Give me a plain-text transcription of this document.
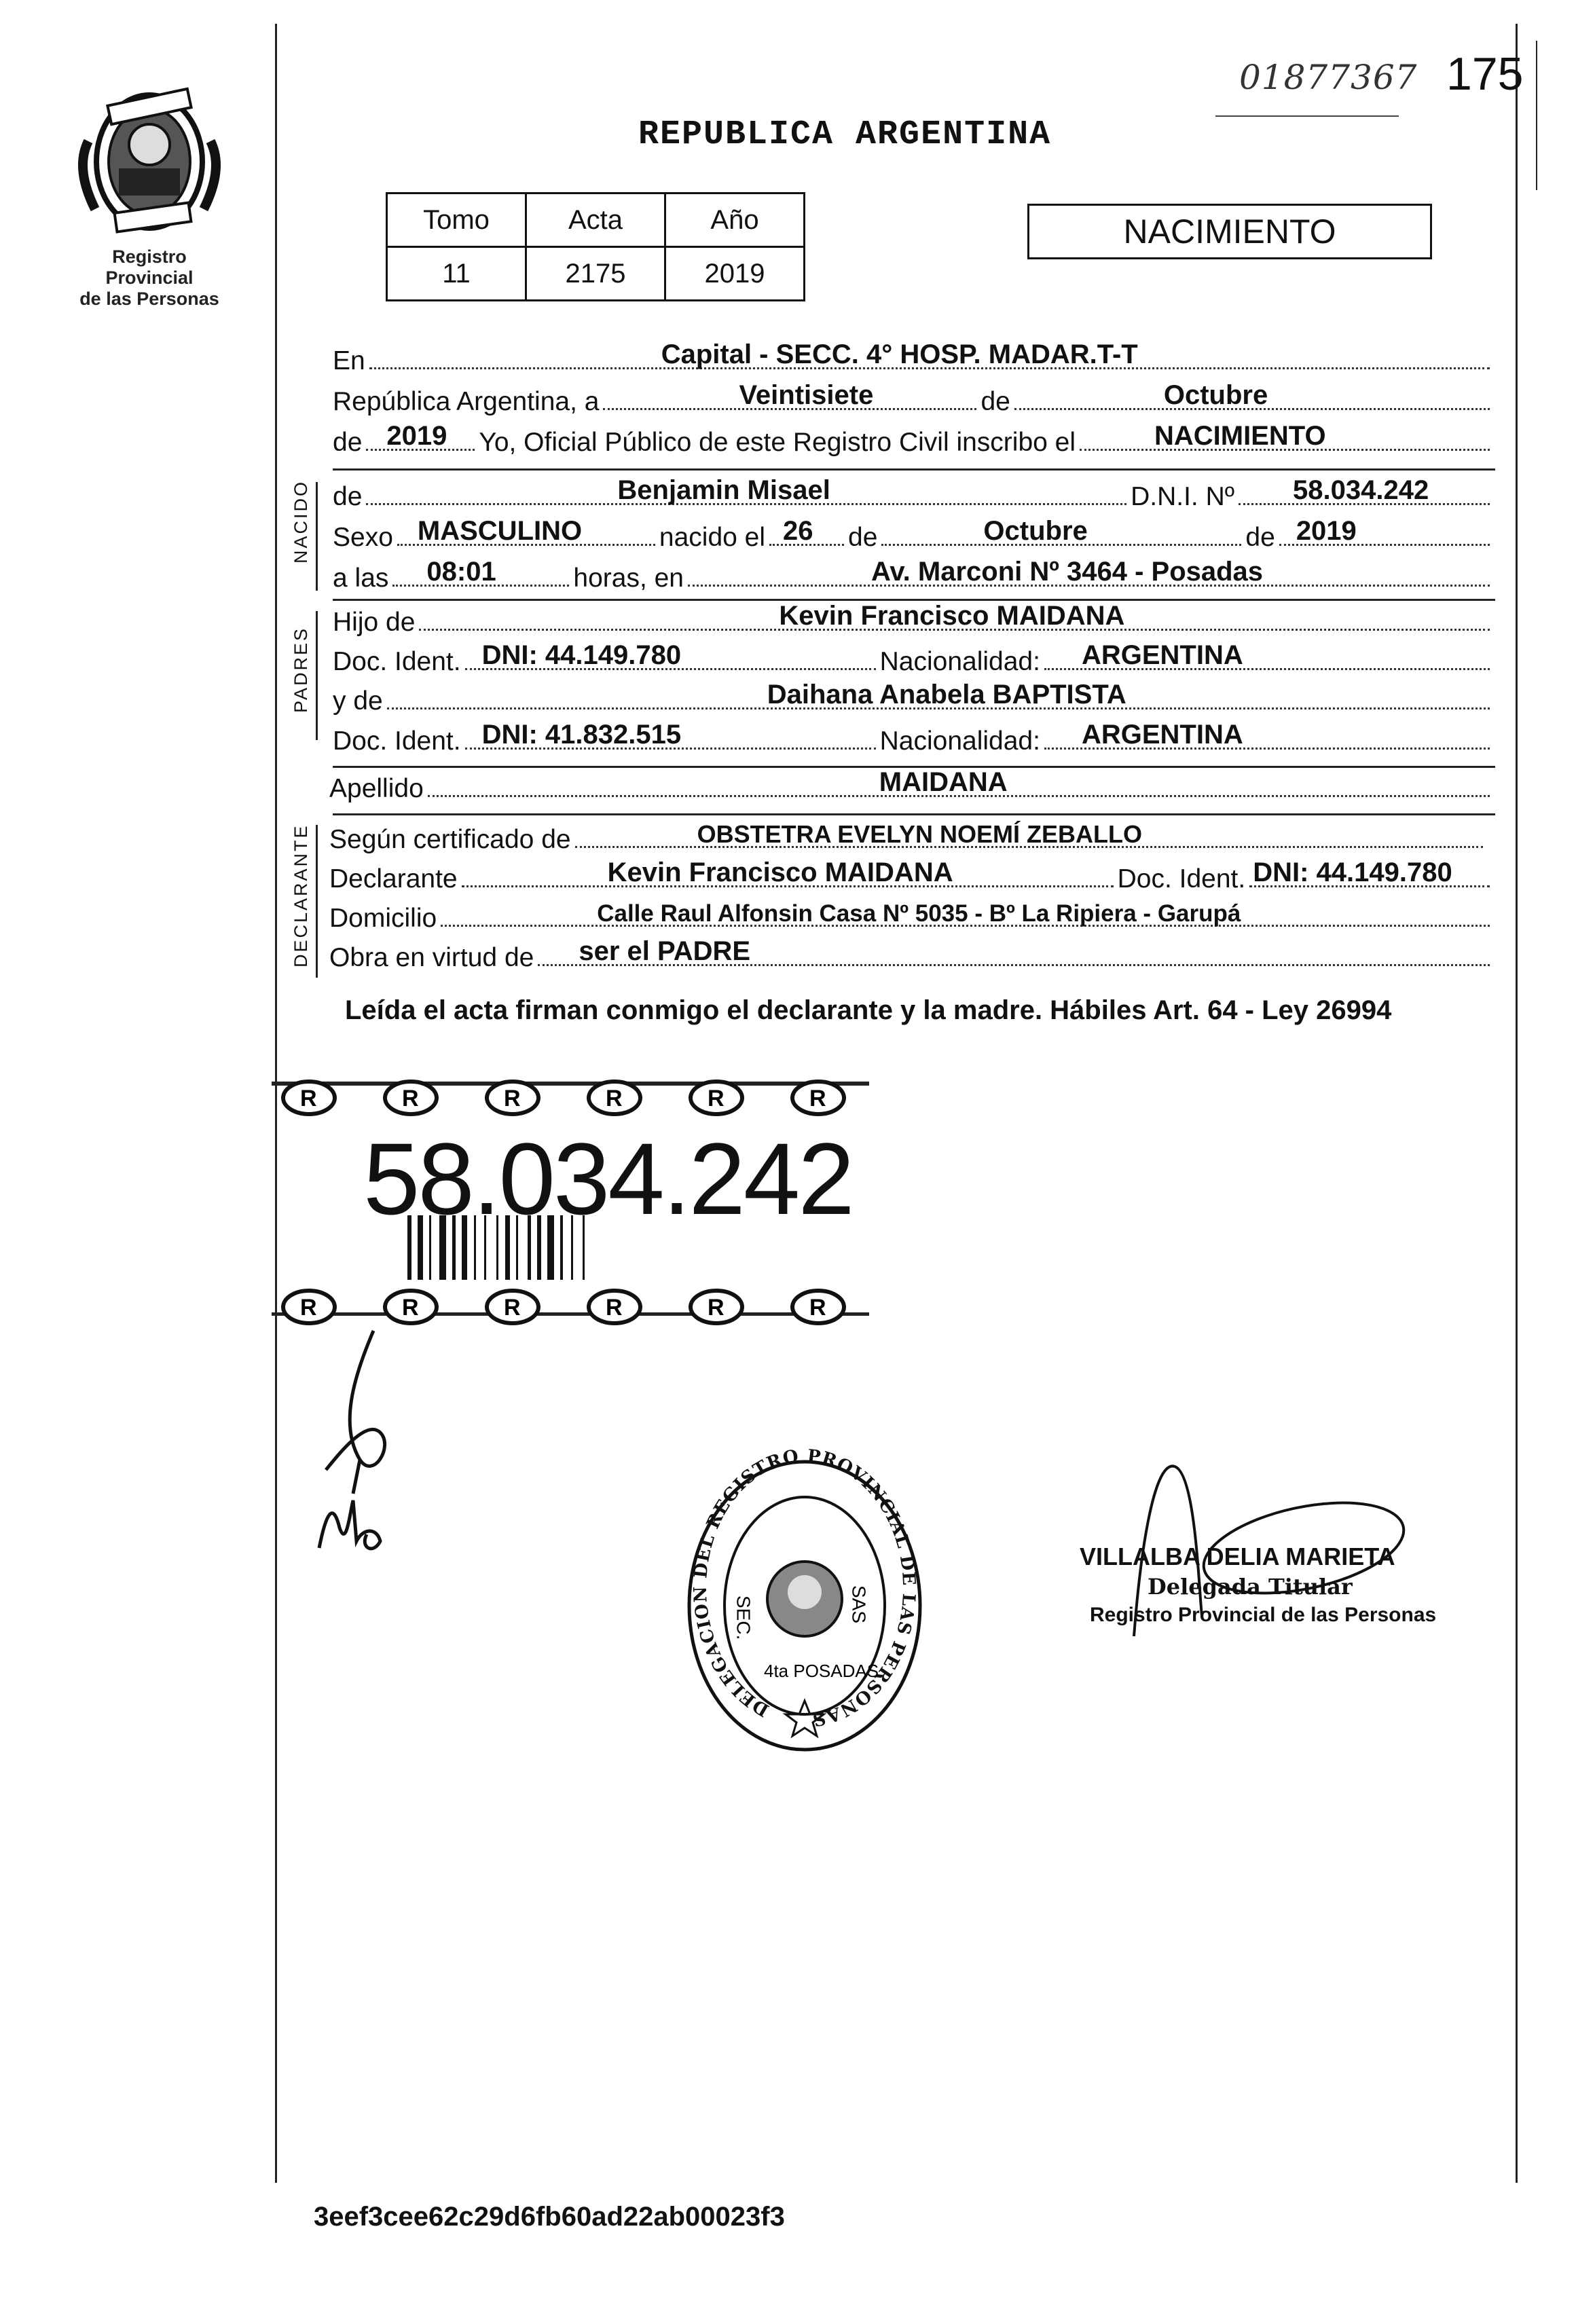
Registro Provincial
de las Personas
REPUBLICA ARGENTINA
01877367 175
Tomo	Acta	Año
11	2175	2019
NACIMIENTO
En	Capital - SECC. 4° HOSP. MADAR.T-T
República Argentina, a	Veintisiete	de	Octubre
de 2019 Yo, Oficial Público de este Registro Civil inscribo el	NACIMIENTO
NACIDO de	Benjamin Misael	D.N.I. Nº 58.034.242
Sexo MASCULINO	nacido el 26 de	Octubre	de 2019
a las 08:01	horas, en	Av. Marconi Nº 3464 - Posadas
PADRES
Hijo de	Kevin Francisco MAIDANA
Doc. Ident. DNI: 44.149.780	Nacionalidad: ARGENTINA
y de	Daihana Anabela BAPTISTA
Doc. Ident. DNI: 41.832.515	Nacionalidad: ARGENTINA
Apellido	MAIDANA
DECLARANTE Según certificado de	OBSTETRA EVELYN NOEMÍ ZEBALLO
Declarante	Kevin Francisco MAIDANA	Doc. Ident. DNI: 44.149.780
Domicilio	Calle Raul Alfonsin Casa Nº 5035 - Bº La Ripiera - Garupá
Obra en virtud de ser el PADRE
Leída el acta firman conmigo el declarante y la madre. Hábiles Art. 64 - Ley 26994
R	R	R	R	R	R
R	R	R	R	R	R
58.034.242
DELEGACION DEL REGISTRO PROVINCIAL DE LAS PERSONAS
SEC.	SAS
4ta POSADAS
VILLALBA DELIA MARIETA
Delegada Titular
Registro Provincial de las Personas
3eef3cee62c29d6fb60ad22ab00023f3
